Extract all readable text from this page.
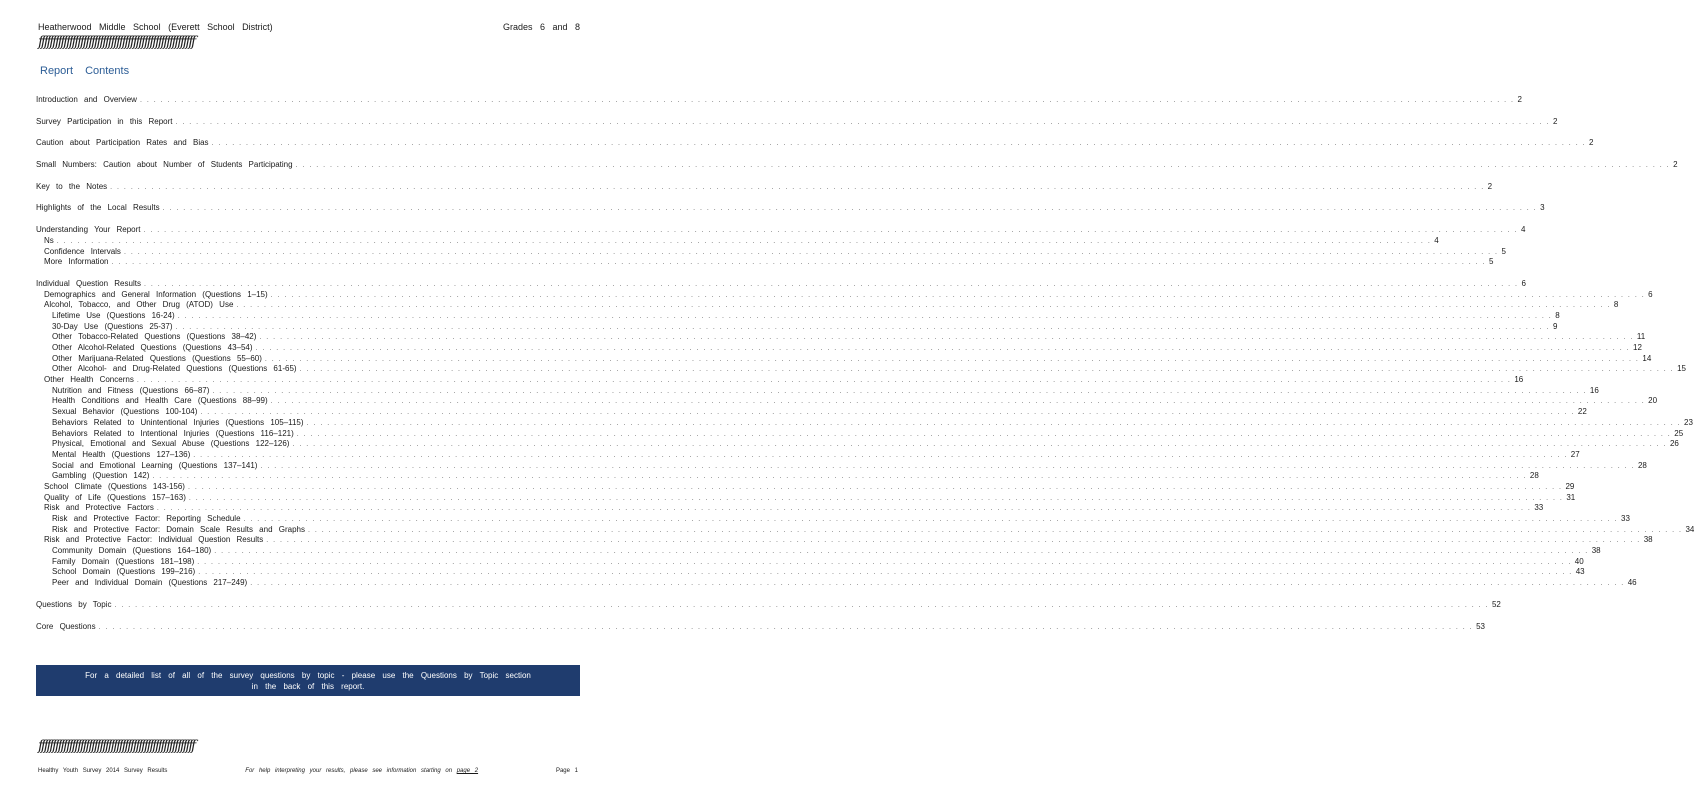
Heatherwood Middle School (Everett School District)	Grades 6 and 8
ffffffffffffffffffffffffffffffffffffffffffffffffffffffff
Report Contents
Introduction and Overview . . . . . . . . . . . . . . . . . . . . . . . . . . . . . . . . . . . . . . . . . . . . . . . . . . . . . . . . . . . . . . . . . . . . . . . . . . . . . . . . . . . . . . . . . . . . . . . . . . . . . . . . . . . . . . . . . . . . . . . . . . . . . . . . . . . . . . . . . . . . . . . . . . . . . . . . . . . . . . . . . . . . . . . . . . . . . . . . . . . . . . . . . . . . . . . . . . . . . . . . 2
Survey Participation in this Report . . . . . . . . . . . . . . . . . . . . . . . . . . . . . . . . . . . . . . . . . . . . . . . . . . . . . . . . . . . . . . . . . . . . . . . . . . . . . . . . . . . . . . . . . . . . . . . . . . . . . . . . . . . . . . . . . . . . . . . . . . . . . . . . . . . . . . . . . . . . . . . . . . . . . . . . . . . . . . . . . . . . . . . . . . . . . . . . . . . . . . . . . . . . . . . . . . . . . . . . 2
Caution about Participation Rates and Bias . . . . . . . . . . . . . . . . . . . . . . . . . . . . . . . . . . . . . . . . . . . . . . . . . . . . . . . . . . . . . . . . . . . . . . . . . . . . . . . . . . . . . . . . . . . . . . . . . . . . . . . . . . . . . . . . . . . . . . . . . . . . . . . . . . . . . . . . . . . . . . . . . . . . . . . . . . . . . . . . . . . . . . . . . . . . . . . . . . . . . . . . . . . . . . . . . . . . . . . . 2
Small Numbers: Caution about Number of Students Participating . . . . . . . . . . . . . . . . . . . . . . . . . . . . . . . . . . . . . . . . . . . . . . . . . . . . . . . . . . . . . . . . . . . . . . . . . . . . . . . . . . . . . . . . . . . . . . . . . . . . . . . . . . . . . . . . . . . . . . . . . . . . . . . . . . . . . . . . . . . . . . . . . . . . . . . . . . . . . . . . . . . . . . . . . . . . . . . . . . . . . . . . . . . . . . . . . . . . . . . . 2
Key to the Notes . . . . . . . . . . . . . . . . . . . . . . . . . . . . . . . . . . . . . . . . . . . . . . . . . . . . . . . . . . . . . . . . . . . . . . . . . . . . . . . . . . . . . . . . . . . . . . . . . . . . . . . . . . . . . . . . . . . . . . . . . . . . . . . . . . . . . . . . . . . . . . . . . . . . . . . . . . . . . . . . . . . . . . . . . . . . . . . . . . . . . . . . . . . . . . . . . . . . . . . . 2
Highlights of the Local Results . . . . . . . . . . . . . . . . . . . . . . . . . . . . . . . . . . . . . . . . . . . . . . . . . . . . . . . . . . . . . . . . . . . . . . . . . . . . . . . . . . . . . . . . . . . . . . . . . . . . . . . . . . . . . . . . . . . . . . . . . . . . . . . . . . . . . . . . . . . . . . . . . . . . . . . . . . . . . . . . . . . . . . . . . . . . . . . . . . . . . . . . . . . . . . . . . . . . . . . . 3
Understanding Your Report . . . . . . . . . . . . . . . . . . . . . . . . . . . . . . . . . . . . . . . . . . . . . . . . . . . . . . . . . . . . . . . . . . . . . . . . . . . . . . . . . . . . . . . . . . . . . . . . . . . . . . . . . . . . . . . . . . . . . . . . . . . . . . . . . . . . . . . . . . . . . . . . . . . . . . . . . . . . . . . . . . . . . . . . . . . . . . . . . . . . . . . . . . . . . . . . . . . . . . . . 4
Ns . . . . . . . . . . . . . . . . . . . . . . . . . . . . . . . . . . . . . . . . . . . . . . . . . . . . . . . . . . . . . . . . . . . . . . . . . . . . . . . . . . . . . . . . . . . . . . . . . . . . . . . . . . . . . . . . . . . . . . . . . . . . . . . . . . . . . . . . . . . . . . . . . . . . . . . . . . . . . . . . . . . . . . . . . . . . . . . . . . . . . . . . . . . . . . . . . . . . . . . . 4
Confidence Intervals . . . . . . . . . . . . . . . . . . . . . . . . . . . . . . . . . . . . . . . . . . . . . . . . . . . . . . . . . . . . . . . . . . . . . . . . . . . . . . . . . . . . . . . . . . . . . . . . . . . . . . . . . . . . . . . . . . . . . . . . . . . . . . . . . . . . . . . . . . . . . . . . . . . . . . . . . . . . . . . . . . . . . . . . . . . . . . . . . . . . . . . . . . . . . . . . . . . . . . . . 5
More Information . . . . . . . . . . . . . . . . . . . . . . . . . . . . . . . . . . . . . . . . . . . . . . . . . . . . . . . . . . . . . . . . . . . . . . . . . . . . . . . . . . . . . . . . . . . . . . . . . . . . . . . . . . . . . . . . . . . . . . . . . . . . . . . . . . . . . . . . . . . . . . . . . . . . . . . . . . . . . . . . . . . . . . . . . . . . . . . . . . . . . . . . . . . . . . . . . . . . . . . . 5
Individual Question Results . . . . . . . . . . . . . . . . . . . . . . . . . . . . . . . . . . . . . . . . . . . . . . . . . . . . . . . . . . . . . . . . . . . . . . . . . . . . . . . . . . . . . . . . . . . . . . . . . . . . . . . . . . . . . . . . . . . . . . . . . . . . . . . . . . . . . . . . . . . . . . . . . . . . . . . . . . . . . . . . . . . . . . . . . . . . . . . . . . . . . . . . . . . . . . . . . . . . . . . . 6
Demographics and General Information (Questions 1–15) . . . . . . . . . . . . . . . . . . . . . . . . . . . . . . . . . . . . . . . . . . . . . . . . . . . . . . . . . . . . . . . . . . . . . . . . . . . . . . . . . . . . . . . . . . . . . . . . . . . . . . . . . . . . . . . . . . . . . . . . . . . . . . . . . . . . . . . . . . . . . . . . . . . . . . . . . . . . . . . . . . . . . . . . . . . . . . . . . . . . . . . . . . . . . . . . . . . . . . . . 6
Alcohol, Tobacco, and Other Drug (ATOD) Use . . . . . . . . . . . . . . . . . . . . . . . . . . . . . . . . . . . . . . . . . . . . . . . . . . . . . . . . . . . . . . . . . . . . . . . . . . . . . . . . . . . . . . . . . . . . . . . . . . . . . . . . . . . . . . . . . . . . . . . . . . . . . . . . . . . . . . . . . . . . . . . . . . . . . . . . . . . . . . . . . . . . . . . . . . . . . . . . . . . . . . . . . . . . . . . . . . . . . . . . 8
Lifetime Use (Questions 16-24) . . . . . . . . . . . . . . . . . . . . . . . . . . . . . . . . . . . . . . . . . . . . . . . . . . . . . . . . . . . . . . . . . . . . . . . . . . . . . . . . . . . . . . . . . . . . . . . . . . . . . . . . . . . . . . . . . . . . . . . . . . . . . . . . . . . . . . . . . . . . . . . . . . . . . . . . . . . . . . . . . . . . . . . . . . . . . . . . . . . . . . . . . . . . . . . . . . . . . . . . 8
30-Day Use (Questions 25-37) . . . . . . . . . . . . . . . . . . . . . . . . . . . . . . . . . . . . . . . . . . . . . . . . . . . . . . . . . . . . . . . . . . . . . . . . . . . . . . . . . . . . . . . . . . . . . . . . . . . . . . . . . . . . . . . . . . . . . . . . . . . . . . . . . . . . . . . . . . . . . . . . . . . . . . . . . . . . . . . . . . . . . . . . . . . . . . . . . . . . . . . . . . . . . . . . . . . . . . . . 9
Other Tobacco-Related Questions (Questions 38–42) . . . . . . . . . . . . . . . . . . . . . . . . . . . . . . . . . . . . . . . . . . . . . . . . . . . . . . . . . . . . . . . . . . . . . . . . . . . . . . . . . . . . . . . . . . . . . . . . . . . . . . . . . . . . . . . . . . . . . . . . . . . . . . . . . . . . . . . . . . . . . . . . . . . . . . . . . . . . . . . . . . . . . . . . . . . . . . . . . . . . . . . . . . . . . . . . . . . . . . . . 11
Other Alcohol-Related Questions (Questions 43–54) . . . . . . . . . . . . . . . . . . . . . . . . . . . . . . . . . . . . . . . . . . . . . . . . . . . . . . . . . . . . . . . . . . . . . . . . . . . . . . . . . . . . . . . . . . . . . . . . . . . . . . . . . . . . . . . . . . . . . . . . . . . . . . . . . . . . . . . . . . . . . . . . . . . . . . . . . . . . . . . . . . . . . . . . . . . . . . . . . . . . . . . . . . . . . . . . . . . . . . . . 12
Other Marijuana-Related Questions (Questions 55–60) . . . . . . . . . . . . . . . . . . . . . . . . . . . . . . . . . . . . . . . . . . . . . . . . . . . . . . . . . . . . . . . . . . . . . . . . . . . . . . . . . . . . . . . . . . . . . . . . . . . . . . . . . . . . . . . . . . . . . . . . . . . . . . . . . . . . . . . . . . . . . . . . . . . . . . . . . . . . . . . . . . . . . . . . . . . . . . . . . . . . . . . . . . . . . . . . . . . . . . . . 14
Other Alcohol- and Drug-Related Questions (Questions 61-65) . . . . . . . . . . . . . . . . . . . . . . . . . . . . . . . . . . . . . . . . . . . . . . . . . . . . . . . . . . . . . . . . . . . . . . . . . . . . . . . . . . . . . . . . . . . . . . . . . . . . . . . . . . . . . . . . . . . . . . . . . . . . . . . . . . . . . . . . . . . . . . . . . . . . . . . . . . . . . . . . . . . . . . . . . . . . . . . . . . . . . . . . . . . . . . . . . . . . . . . . 15
Other Health Concerns . . . . . . . . . . . . . . . . . . . . . . . . . . . . . . . . . . . . . . . . . . . . . . . . . . . . . . . . . . . . . . . . . . . . . . . . . . . . . . . . . . . . . . . . . . . . . . . . . . . . . . . . . . . . . . . . . . . . . . . . . . . . . . . . . . . . . . . . . . . . . . . . . . . . . . . . . . . . . . . . . . . . . . . . . . . . . . . . . . . . . . . . . . . . . . . . . . . . . . . . 16
Nutrition and Fitness (Questions 66–87) . . . . . . . . . . . . . . . . . . . . . . . . . . . . . . . . . . . . . . . . . . . . . . . . . . . . . . . . . . . . . . . . . . . . . . . . . . . . . . . . . . . . . . . . . . . . . . . . . . . . . . . . . . . . . . . . . . . . . . . . . . . . . . . . . . . . . . . . . . . . . . . . . . . . . . . . . . . . . . . . . . . . . . . . . . . . . . . . . . . . . . . . . . . . . . . . . . . . . . . . 16
Health Conditions and Health Care (Questions 88–99) . . . . . . . . . . . . . . . . . . . . . . . . . . . . . . . . . . . . . . . . . . . . . . . . . . . . . . . . . . . . . . . . . . . . . . . . . . . . . . . . . . . . . . . . . . . . . . . . . . . . . . . . . . . . . . . . . . . . . . . . . . . . . . . . . . . . . . . . . . . . . . . . . . . . . . . . . . . . . . . . . . . . . . . . . . . . . . . . . . . . . . . . . . . . . . . . . . . . . . . . 20
Sexual Behavior (Questions 100-104) . . . . . . . . . . . . . . . . . . . . . . . . . . . . . . . . . . . . . . . . . . . . . . . . . . . . . . . . . . . . . . . . . . . . . . . . . . . . . . . . . . . . . . . . . . . . . . . . . . . . . . . . . . . . . . . . . . . . . . . . . . . . . . . . . . . . . . . . . . . . . . . . . . . . . . . . . . . . . . . . . . . . . . . . . . . . . . . . . . . . . . . . . . . . . . . . . . . . . . . . 22
Behaviors Related to Unintentional Injuries (Questions 105–115) . . . . . . . . . . . . . . . . . . . . . . . . . . . . . . . . . . . . . . . . . . . . . . . . . . . . . . . . . . . . . . . . . . . . . . . . . . . . . . . . . . . . . . . . . . . . . . . . . . . . . . . . . . . . . . . . . . . . . . . . . . . . . . . . . . . . . . . . . . . . . . . . . . . . . . . . . . . . . . . . . . . . . . . . . . . . . . . . . . . . . . . . . . . . . . . . . . . . . . . . 23
Behaviors Related to Intentional Injuries (Questions 116–121) . . . . . . . . . . . . . . . . . . . . . . . . . . . . . . . . . . . . . . . . . . . . . . . . . . . . . . . . . . . . . . . . . . . . . . . . . . . . . . . . . . . . . . . . . . . . . . . . . . . . . . . . . . . . . . . . . . . . . . . . . . . . . . . . . . . . . . . . . . . . . . . . . . . . . . . . . . . . . . . . . . . . . . . . . . . . . . . . . . . . . . . . . . . . . . . . . . . . . . . . 25
Physical, Emotional and Sexual Abuse (Questions 122–126) . . . . . . . . . . . . . . . . . . . . . . . . . . . . . . . . . . . . . . . . . . . . . . . . . . . . . . . . . . . . . . . . . . . . . . . . . . . . . . . . . . . . . . . . . . . . . . . . . . . . . . . . . . . . . . . . . . . . . . . . . . . . . . . . . . . . . . . . . . . . . . . . . . . . . . . . . . . . . . . . . . . . . . . . . . . . . . . . . . . . . . . . . . . . . . . . . . . . . . . . 26
Mental Health (Questions 127–136) . . . . . . . . . . . . . . . . . . . . . . . . . . . . . . . . . . . . . . . . . . . . . . . . . . . . . . . . . . . . . . . . . . . . . . . . . . . . . . . . . . . . . . . . . . . . . . . . . . . . . . . . . . . . . . . . . . . . . . . . . . . . . . . . . . . . . . . . . . . . . . . . . . . . . . . . . . . . . . . . . . . . . . . . . . . . . . . . . . . . . . . . . . . . . . . . . . . . . . . . 27
Social and Emotional Learning (Questions 137–141) . . . . . . . . . . . . . . . . . . . . . . . . . . . . . . . . . . . . . . . . . . . . . . . . . . . . . . . . . . . . . . . . . . . . . . . . . . . . . . . . . . . . . . . . . . . . . . . . . . . . . . . . . . . . . . . . . . . . . . . . . . . . . . . . . . . . . . . . . . . . . . . . . . . . . . . . . . . . . . . . . . . . . . . . . . . . . . . . . . . . . . . . . . . . . . . . . . . . . . . . 28
Gambling (Question 142) . . . . . . . . . . . . . . . . . . . . . . . . . . . . . . . . . . . . . . . . . . . . . . . . . . . . . . . . . . . . . . . . . . . . . . . . . . . . . . . . . . . . . . . . . . . . . . . . . . . . . . . . . . . . . . . . . . . . . . . . . . . . . . . . . . . . . . . . . . . . . . . . . . . . . . . . . . . . . . . . . . . . . . . . . . . . . . . . . . . . . . . . . . . . . . . . . . . . . . . . 28
School Climate (Questions 143-156) . . . . . . . . . . . . . . . . . . . . . . . . . . . . . . . . . . . . . . . . . . . . . . . . . . . . . . . . . . . . . . . . . . . . . . . . . . . . . . . . . . . . . . . . . . . . . . . . . . . . . . . . . . . . . . . . . . . . . . . . . . . . . . . . . . . . . . . . . . . . . . . . . . . . . . . . . . . . . . . . . . . . . . . . . . . . . . . . . . . . . . . . . . . . . . . . . . . . . . . . 29
Quality of Life (Questions 157–163) . . . . . . . . . . . . . . . . . . . . . . . . . . . . . . . . . . . . . . . . . . . . . . . . . . . . . . . . . . . . . . . . . . . . . . . . . . . . . . . . . . . . . . . . . . . . . . . . . . . . . . . . . . . . . . . . . . . . . . . . . . . . . . . . . . . . . . . . . . . . . . . . . . . . . . . . . . . . . . . . . . . . . . . . . . . . . . . . . . . . . . . . . . . . . . . . . . . . . . . . 31
Risk and Protective Factors . . . . . . . . . . . . . . . . . . . . . . . . . . . . . . . . . . . . . . . . . . . . . . . . . . . . . . . . . . . . . . . . . . . . . . . . . . . . . . . . . . . . . . . . . . . . . . . . . . . . . . . . . . . . . . . . . . . . . . . . . . . . . . . . . . . . . . . . . . . . . . . . . . . . . . . . . . . . . . . . . . . . . . . . . . . . . . . . . . . . . . . . . . . . . . . . . . . . . . . . 33
Risk and Protective Factor: Reporting Schedule . . . . . . . . . . . . . . . . . . . . . . . . . . . . . . . . . . . . . . . . . . . . . . . . . . . . . . . . . . . . . . . . . . . . . . . . . . . . . . . . . . . . . . . . . . . . . . . . . . . . . . . . . . . . . . . . . . . . . . . . . . . . . . . . . . . . . . . . . . . . . . . . . . . . . . . . . . . . . . . . . . . . . . . . . . . . . . . . . . . . . . . . . . . . . . . . . . . . . . . . 33
Risk and Protective Factor: Domain Scale Results and Graphs . . . . . . . . . . . . . . . . . . . . . . . . . . . . . . . . . . . . . . . . . . . . . . . . . . . . . . . . . . . . . . . . . . . . . . . . . . . . . . . . . . . . . . . . . . . . . . . . . . . . . . . . . . . . . . . . . . . . . . . . . . . . . . . . . . . . . . . . . . . . . . . . . . . . . . . . . . . . . . . . . . . . . . . . . . . . . . . . . . . . . . . . . . . . . . . . . . . . . . . . 34
Risk and Protective Factor: Individual Question Results . . . . . . . . . . . . . . . . . . . . . . . . . . . . . . . . . . . . . . . . . . . . . . . . . . . . . . . . . . . . . . . . . . . . . . . . . . . . . . . . . . . . . . . . . . . . . . . . . . . . . . . . . . . . . . . . . . . . . . . . . . . . . . . . . . . . . . . . . . . . . . . . . . . . . . . . . . . . . . . . . . . . . . . . . . . . . . . . . . . . . . . . . . . . . . . . . . . . . . . . 38
Community Domain (Questions 164–180) . . . . . . . . . . . . . . . . . . . . . . . . . . . . . . . . . . . . . . . . . . . . . . . . . . . . . . . . . . . . . . . . . . . . . . . . . . . . . . . . . . . . . . . . . . . . . . . . . . . . . . . . . . . . . . . . . . . . . . . . . . . . . . . . . . . . . . . . . . . . . . . . . . . . . . . . . . . . . . . . . . . . . . . . . . . . . . . . . . . . . . . . . . . . . . . . . . . . . . . . 38
Family Domain (Questions 181–198) . . . . . . . . . . . . . . . . . . . . . . . . . . . . . . . . . . . . . . . . . . . . . . . . . . . . . . . . . . . . . . . . . . . . . . . . . . . . . . . . . . . . . . . . . . . . . . . . . . . . . . . . . . . . . . . . . . . . . . . . . . . . . . . . . . . . . . . . . . . . . . . . . . . . . . . . . . . . . . . . . . . . . . . . . . . . . . . . . . . . . . . . . . . . . . . . . . . . . . . . 40
School Domain (Questions 199–216) . . . . . . . . . . . . . . . . . . . . . . . . . . . . . . . . . . . . . . . . . . . . . . . . . . . . . . . . . . . . . . . . . . . . . . . . . . . . . . . . . . . . . . . . . . . . . . . . . . . . . . . . . . . . . . . . . . . . . . . . . . . . . . . . . . . . . . . . . . . . . . . . . . . . . . . . . . . . . . . . . . . . . . . . . . . . . . . . . . . . . . . . . . . . . . . . . . . . . . . . 43
Peer and Individual Domain (Questions 217–249) . . . . . . . . . . . . . . . . . . . . . . . . . . . . . . . . . . . . . . . . . . . . . . . . . . . . . . . . . . . . . . . . . . . . . . . . . . . . . . . . . . . . . . . . . . . . . . . . . . . . . . . . . . . . . . . . . . . . . . . . . . . . . . . . . . . . . . . . . . . . . . . . . . . . . . . . . . . . . . . . . . . . . . . . . . . . . . . . . . . . . . . . . . . . . . . . . . . . . . . . 46
Questions by Topic . . . . . . . . . . . . . . . . . . . . . . . . . . . . . . . . . . . . . . . . . . . . . . . . . . . . . . . . . . . . . . . . . . . . . . . . . . . . . . . . . . . . . . . . . . . . . . . . . . . . . . . . . . . . . . . . . . . . . . . . . . . . . . . . . . . . . . . . . . . . . . . . . . . . . . . . . . . . . . . . . . . . . . . . . . . . . . . . . . . . . . . . . . . . . . . . . . . . . . . . 52
Core Questions . . . . . . . . . . . . . . . . . . . . . . . . . . . . . . . . . . . . . . . . . . . . . . . . . . . . . . . . . . . . . . . . . . . . . . . . . . . . . . . . . . . . . . . . . . . . . . . . . . . . . . . . . . . . . . . . . . . . . . . . . . . . . . . . . . . . . . . . . . . . . . . . . . . . . . . . . . . . . . . . . . . . . . . . . . . . . . . . . . . . . . . . . . . . . . . . . . . . . . . . 53
For a detailed list of all of the survey questions by topic - please use the Questions by Topic section
in the back of this report.
ffffffffffffffffffffffffffffffffffffffffffffffffffffffff
Healthy Youth Survey 2014 Survey Results	For help interpreting your results, please see information starting on page 2	Page 1
